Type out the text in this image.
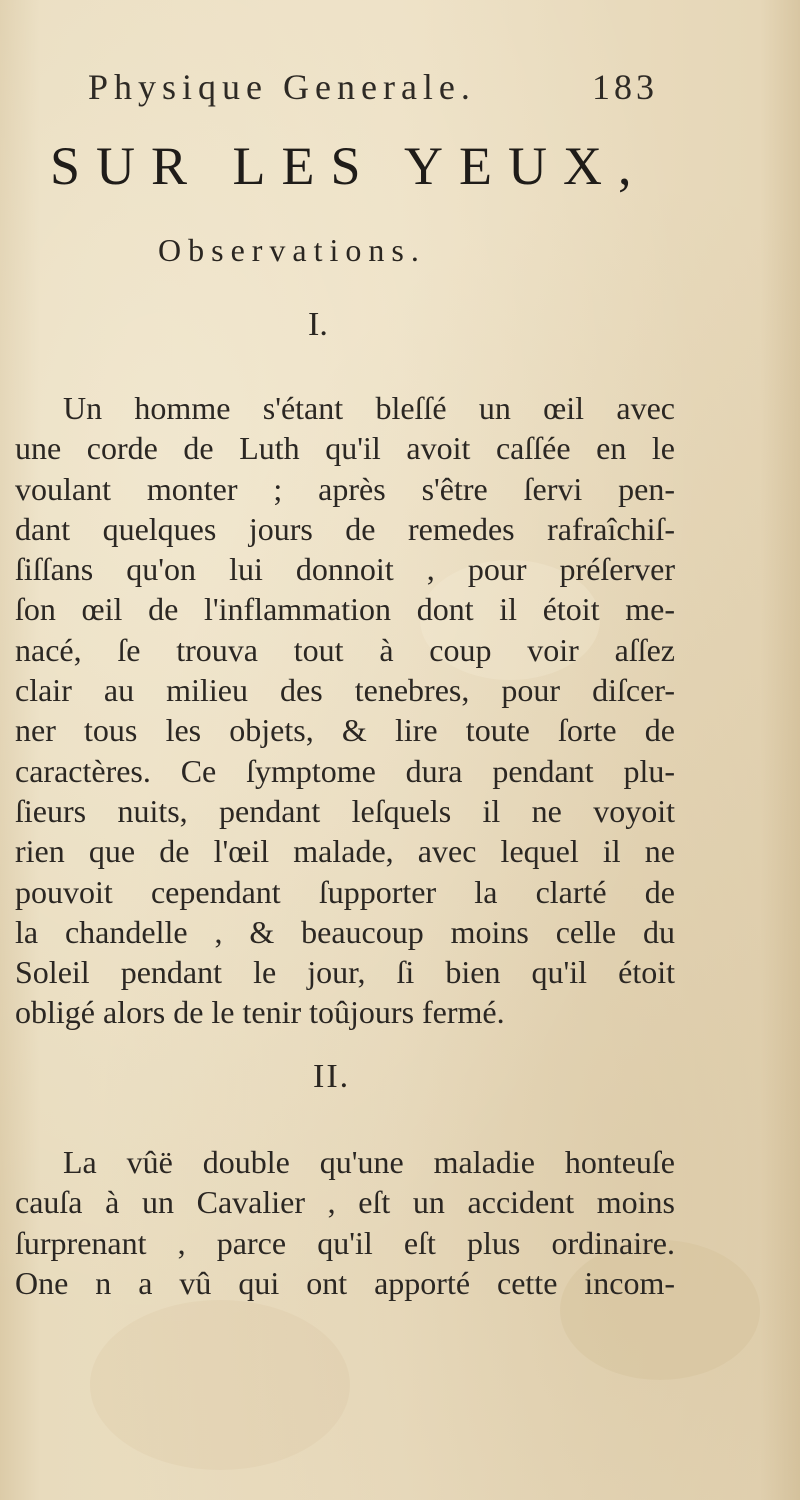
Physique Generale.	183
SUR LES YEUX,
Observations.
I.
Un homme s'étant bleſſé un œil avec
une corde de Luth qu'il avoit caſſée en le
voulant monter ; après s'être ſervi pen-
dant quelques jours de remedes rafraîchiſ-
ſiſſans qu'on lui donnoit , pour préſerver
ſon œil de l'inflammation dont il étoit me-
nacé, ſe trouva tout à coup voir aſſez
clair au milieu des tenebres, pour diſcer-
ner tous les objets, & lire toute ſorte de
caractères. Ce ſymptome dura pendant plu-
ſieurs nuits, pendant leſquels il ne voyoit
rien que de l'œil malade, avec lequel il ne
pouvoit cependant ſupporter la clarté de
la chandelle , & beaucoup moins celle du
Soleil pendant le jour, ſi bien qu'il étoit
obligé alors de le tenir toûjours fermé.
II.
La vûë double qu'une maladie honteuſe
cauſa à un Cavalier , eſt un accident moins
ſurprenant , parce qu'il eſt plus ordinaire.
One n a vû qui ont apporté cette incom-
